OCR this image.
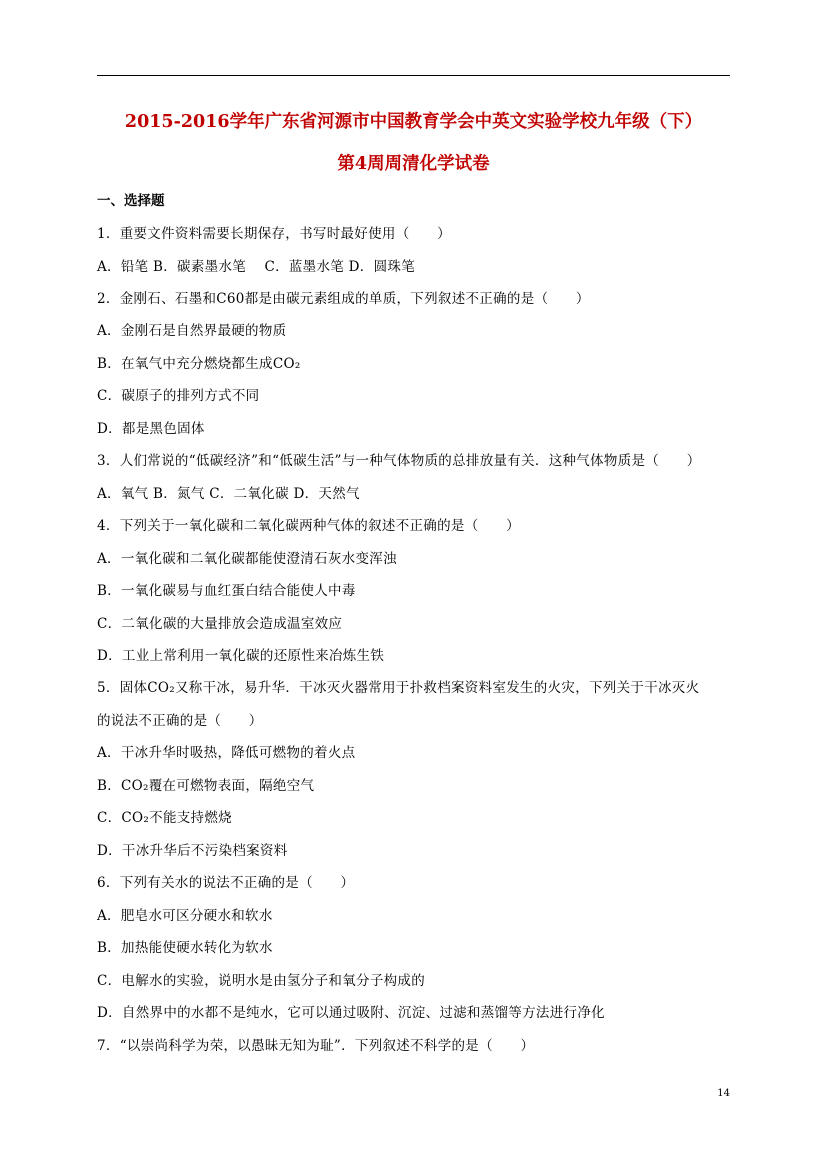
2015-2016学年广东省河源市中国教育学会中英文实验学校九年级（下）
第4周周清化学试卷
一、选择题
1．重要文件资料需要长期保存，书写时最好使用（　　）
A．铅笔 B．碳素墨水笔　 C．蓝墨水笔 D．圆珠笔
2．金刚石、石墨和C60都是由碳元素组成的单质，下列叙述不正确的是（　　）
A．金刚石是自然界最硬的物质
B．在氧气中充分燃烧都生成CO₂
C．碳原子的排列方式不同
D．都是黑色固体
3．人们常说的“低碳经济”和“低碳生活”与一种气体物质的总排放量有关．这种气体物质是（　　）
A．氧气 B．氮气 C．二氧化碳 D．天然气
4．下列关于一氧化碳和二氧化碳两种气体的叙述不正确的是（　　）
A．一氧化碳和二氧化碳都能使澄清石灰水变浑浊
B．一氧化碳易与血红蛋白结合能使人中毒
C．二氧化碳的大量排放会造成温室效应
D．工业上常利用一氧化碳的还原性来冶炼生铁
5．固体CO₂又称干冰，易升华．干冰灭火器常用于扑救档案资料室发生的火灾，下列关于干冰灭火
的说法不正确的是（　　）
A．干冰升华时吸热，降低可燃物的着火点
B．CO₂覆在可燃物表面，隔绝空气
C．CO₂不能支持燃烧
D．干冰升华后不污染档案资料
6．下列有关水的说法不正确的是（　　）
A．肥皂水可区分硬水和软水
B．加热能使硬水转化为软水
C．电解水的实验，说明水是由氢分子和氧分子构成的
D．自然界中的水都不是纯水，它可以通过吸附、沉淀、过滤和蒸馏等方法进行净化
7．“以崇尚科学为荣，以愚昧无知为耻”．下列叙述不科学的是（　　）
14
